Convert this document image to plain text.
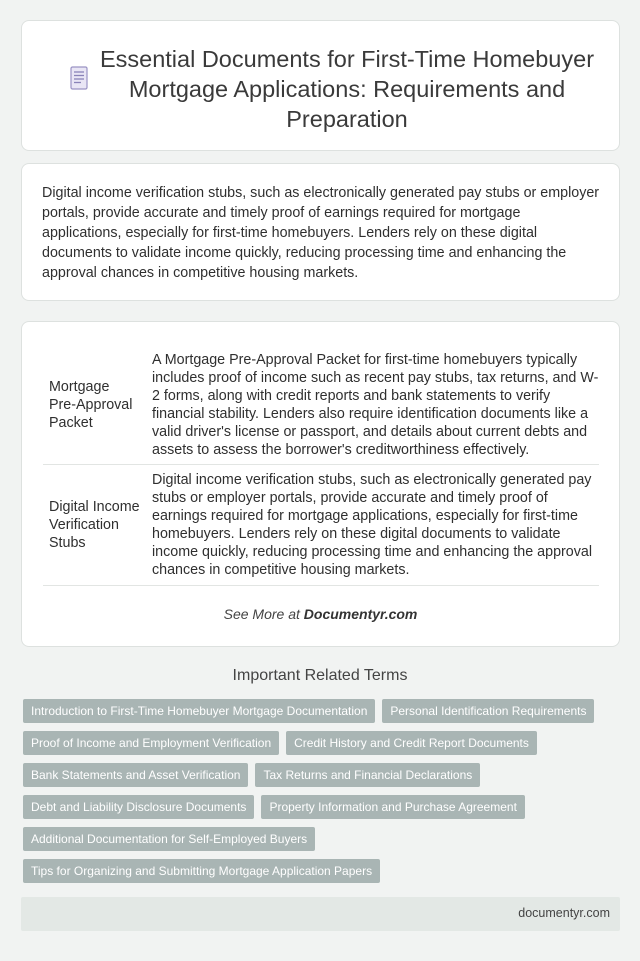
Essential Documents for First-Time Homebuyer Mortgage Applications: Requirements and Preparation

Digital income verification stubs, such as electronically generated pay stubs or employer portals, provide accurate and timely proof of earnings required for mortgage applications, especially for first-time homebuyers. Lenders rely on these digital documents to validate income quickly, reducing processing time and enhancing the approval chances in competitive housing markets.

Mortgage Pre-Approval Packet	A Mortgage Pre-Approval Packet for first-time homebuyers typically includes proof of income such as recent pay stubs, tax returns, and W-2 forms, along with credit reports and bank statements to verify financial stability. Lenders also require identification documents like a valid driver's license or passport, and details about current debts and assets to assess the borrower's creditworthiness effectively.
Digital Income Verification Stubs	Digital income verification stubs, such as electronically generated pay stubs or employer portals, provide accurate and timely proof of earnings required for mortgage applications, especially for first-time homebuyers. Lenders rely on these digital documents to validate income quickly, reducing processing time and enhancing the approval chances in competitive housing markets.
See More at Documentyr.com
Important Related Terms
Introduction to First-Time Homebuyer Mortgage Documentation	Personal Identification Requirements
Proof of Income and Employment Verification	Credit History and Credit Report Documents
Bank Statements and Asset Verification	Tax Returns and Financial Declarations
Debt and Liability Disclosure Documents	Property Information and Purchase Agreement
Additional Documentation for Self-Employed Buyers
Tips for Organizing and Submitting Mortgage Application Papers
documentyr.com
